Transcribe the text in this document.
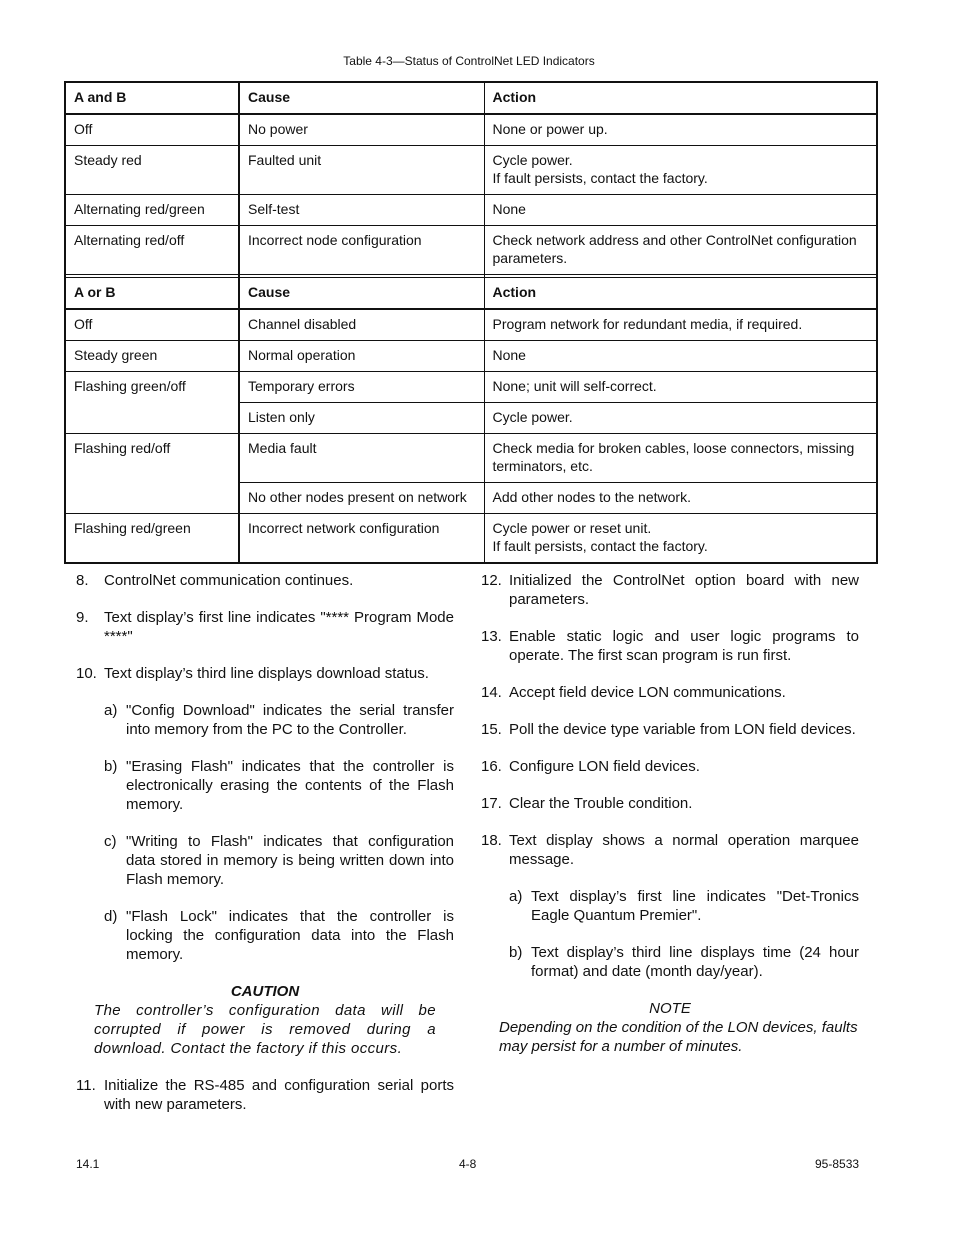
Table 4-3—Status of ControlNet LED Indicators
A and B	Cause	Action
Off	No power	None or power up.
Steady red	Faulted unit	Cycle power.
If fault persists, contact the factory.
Alternating red/green	Self-test	None
Alternating red/off	Incorrect node configuration	Check network address and other ControlNet configuration parameters.

A or B	Cause	Action
Off	Channel disabled	Program network for redundant media, if required.
Steady green	Normal operation	None
Flashing green/off	Temporary errors	None; unit will self-correct.
	Listen only	Cycle power.
Flashing red/off	Media fault	Check media for broken cables, loose connectors, missing terminators, etc.
	No other nodes present on network	Add other nodes to the network.
Flashing red/green	Incorrect network configuration	Cycle power or reset unit.
If fault persists, contact the factory.
8.	ControlNet communication continues.
9.	Text display’s first line indicates "**** Program Mode ****"
10. Text display’s third line displays download status.
a) "Config Download" indicates the serial transfer into memory from the PC to the Controller.
b) "Erasing Flash" indicates that the controller is electronically erasing the contents of the Flash memory.
c) "Writing to Flash" indicates that configuration data stored in memory is being written down into Flash memory.
d) "Flash Lock" indicates that the controller is locking the configuration data into the Flash memory.
CAUTION
The controller’s configuration data will be corrupted if power is removed during a download. Contact the factory if this occurs.
11. Initialize the RS-485 and configuration serial ports with new parameters.
12. Initialized the ControlNet option board with new parameters.
13. Enable static logic and user logic programs to operate. The first scan program is run first.
14. Accept field device LON communications.
15. Poll the device type variable from LON field devices.
16. Configure LON field devices.
17. Clear the Trouble condition.
18. Text display shows a normal operation marquee message.
a) Text display’s first line indicates "Det-Tronics Eagle Quantum Premier".
b) Text display’s third line displays time (24 hour format) and date (month day/year).
NOTE
Depending on the condition of the LON devices, faults may persist for a number of minutes.
14.1	4-8	95-8533
